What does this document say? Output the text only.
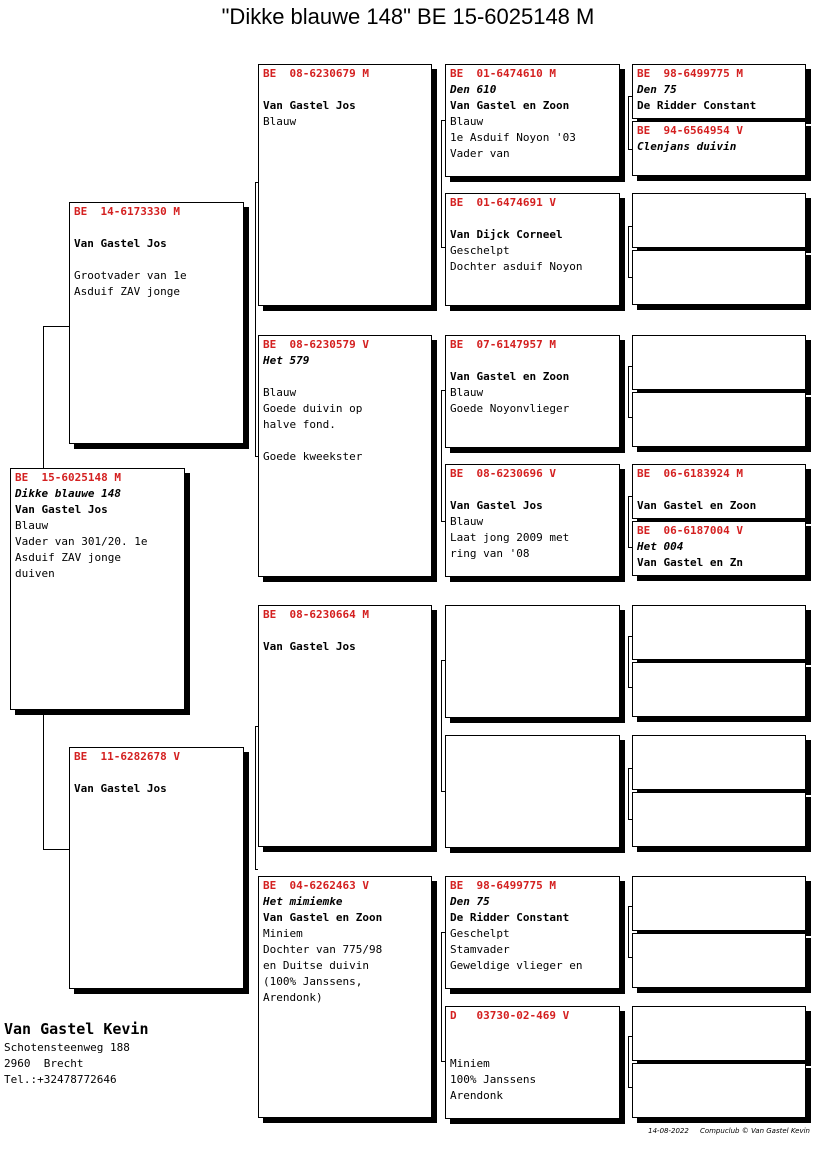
"Dikke blauwe 148" BE 15-6025148 M
BE  15-6025148 M
Dikke blauwe 148
Van Gastel Jos
Blauw
Vader van 301/20. 1e
Asduif ZAV jonge
duiven
BE  14-6173330 M
Van Gastel Jos

Grootvader van 1e
Asduif ZAV jonge
BE  11-6282678 V
Van Gastel Jos
BE  08-6230679 M
Van Gastel Jos
Blauw
BE  08-6230579 V
Het 579

Blauw
Goede duivin op
halve fond.

Goede kweekster
BE  08-6230664 M
Van Gastel Jos
BE  04-6262463 V
Het mimiemke
Van Gastel en Zoon
Miniem
Dochter van 775/98
en Duitse duivin
(100% Janssens,
Arendonk)
BE  01-6474610 M
Den 610
Van Gastel en Zoon
Blauw
1e Asduif Noyon '03
Vader van
BE  01-6474691 V
Van Dijck Corneel
Geschelpt
Dochter asduif Noyon
BE  07-6147957 M
Van Gastel en Zoon
Blauw
Goede Noyonvlieger
BE  08-6230696 V
Van Gastel Jos
Blauw
Laat jong 2009 met
ring van '08
BE  98-6499775 M
Den 75
De Ridder Constant
Geschelpt
Stamvader
Geweldige vlieger en
D   03730-02-469 V

Miniem
100% Janssens
Arendonk
BE  98-6499775 M
Den 75
De Ridder Constant
BE  94-6564954 V
Clenjans duivin
BE  06-6183924 M
Van Gastel en Zoon
BE  06-6187004 V
Het 004
Van Gastel en Zn
Van Gastel Kevin
Schotensteenweg 188
2960  Brecht
Tel.:+32478772646
14-08-2022     Compuclub © Van Gastel Kevin
